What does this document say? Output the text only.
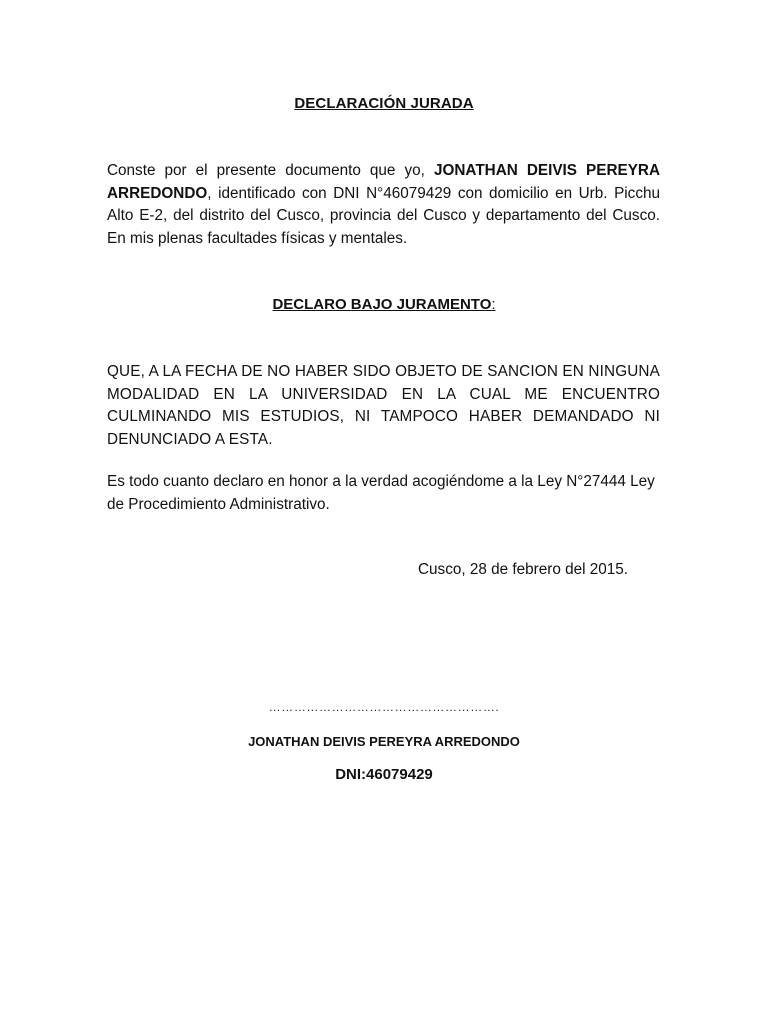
DECLARACIÓN JURADA
Conste por el presente documento que yo, JONATHAN DEIVIS PEREYRA ARREDONDO, identificado con DNI N°46079429 con domicilio en Urb. Picchu Alto E-2, del distrito del Cusco, provincia del Cusco y departamento del Cusco. En mis plenas facultades físicas y mentales.
DECLARO BAJO JURAMENTO:
QUE, A LA FECHA DE NO HABER SIDO OBJETO DE SANCION EN NINGUNA MODALIDAD EN LA UNIVERSIDAD EN LA CUAL ME ENCUENTRO CULMINANDO MIS ESTUDIOS, NI TAMPOCO HABER DEMANDADO NI DENUNCIADO A ESTA.
Es todo cuanto declaro en honor a la verdad acogiéndome a la Ley N°27444 Ley de Procedimiento Administrativo.
Cusco, 28 de febrero del 2015.
……………………………………………….
JONATHAN DEIVIS PEREYRA ARREDONDO
DNI:46079429
